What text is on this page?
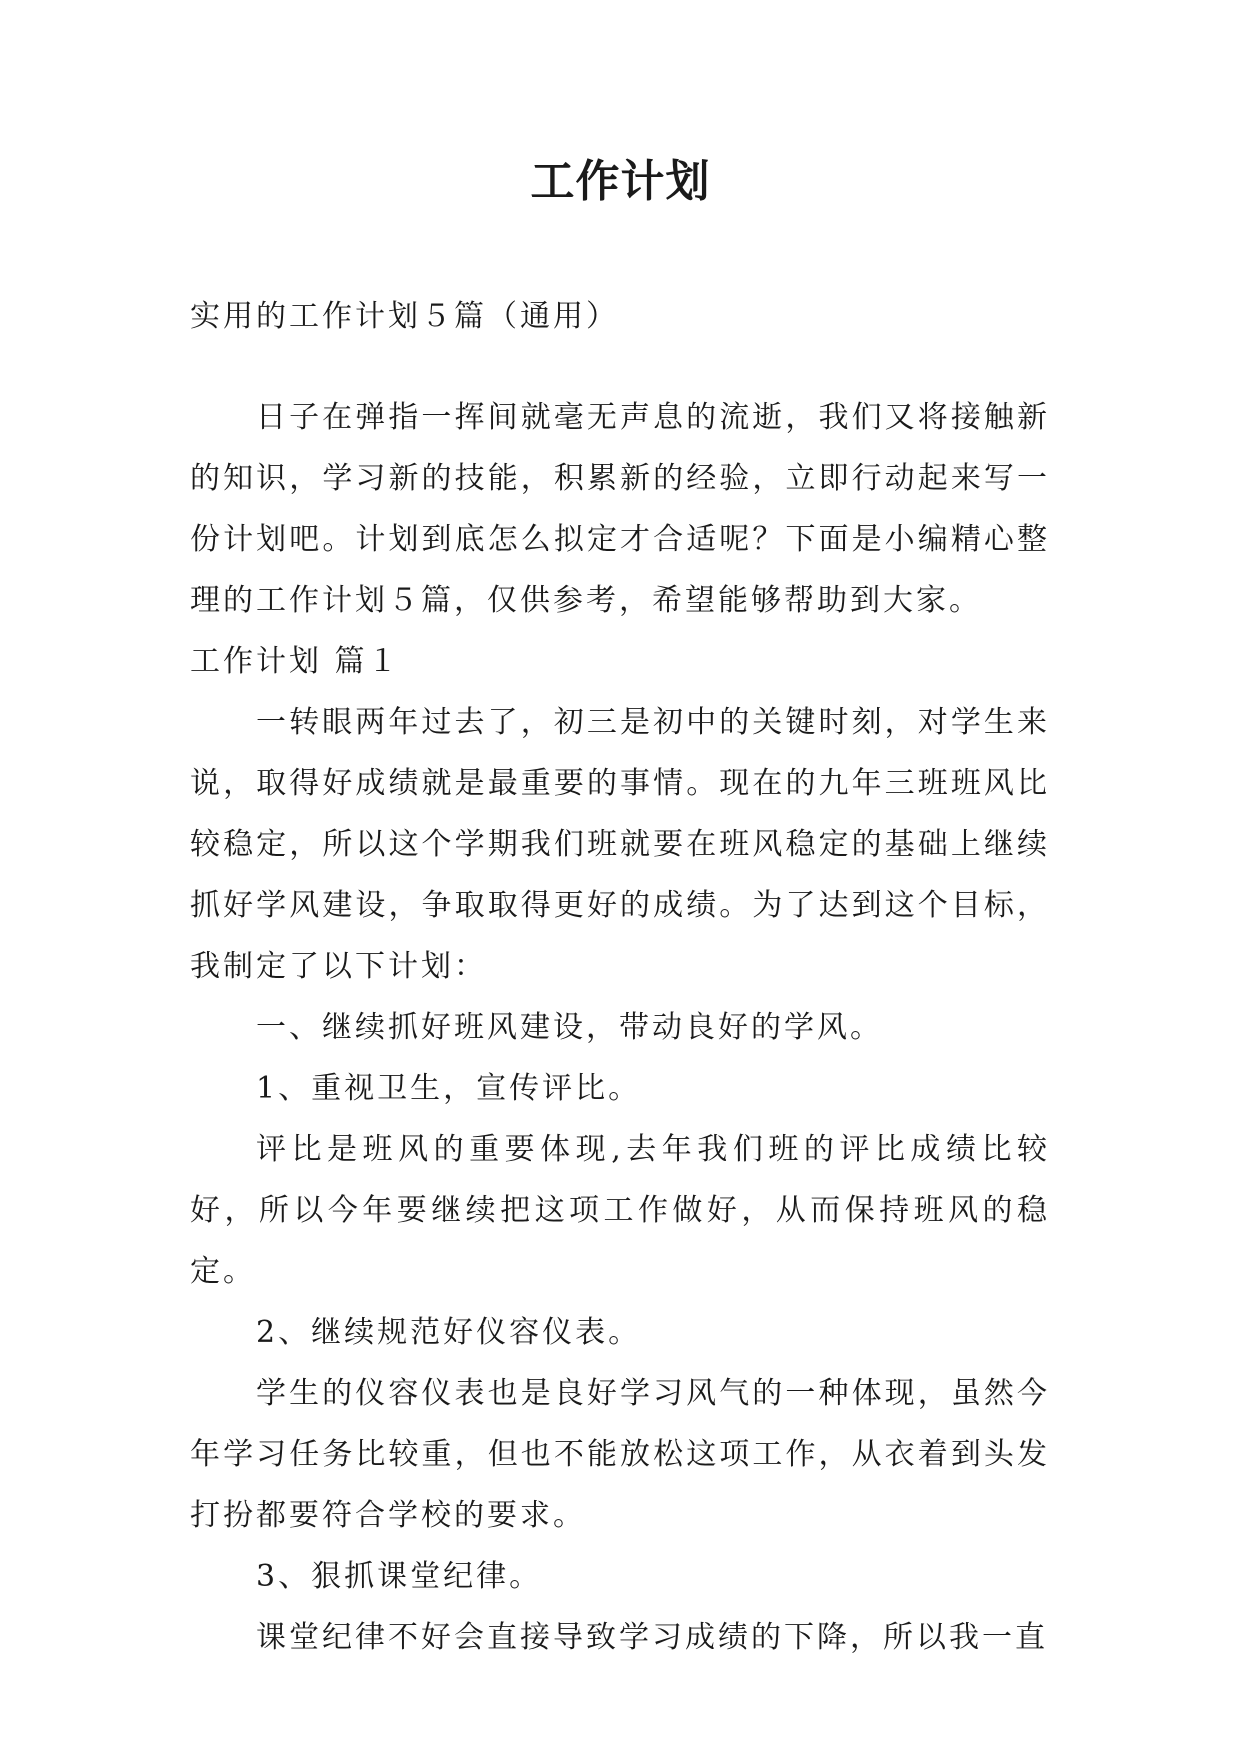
工作计划

实用的工作计划５篇（通用）

日子在弹指一挥间就毫无声息的流逝，我们又将接触新的知识，学习新的技能，积累新的经验，立即行动起来写一份计划吧。计划到底怎么拟定才合适呢？下面是小编精心整理的工作计划５篇，仅供参考，希望能够帮助到大家。

工作计划 篇１

一转眼两年过去了，初三是初中的关键时刻，对学生来说，取得好成绩就是最重要的事情。现在的九年三班班风比较稳定，所以这个学期我们班就要在班风稳定的基础上继续抓好学风建设，争取取得更好的成绩。为了达到这个目标，我制定了以下计划：

一、继续抓好班风建设，带动良好的学风。

1、重视卫生，宣传评比。

评比是班风的重要体现,去年我们班的评比成绩比较好，所以今年要继续把这项工作做好，从而保持班风的稳定。

2、继续规范好仪容仪表。

学生的仪容仪表也是良好学习风气的一种体现，虽然今年学习任务比较重，但也不能放松这项工作，从衣着到头发打扮都要符合学校的要求。

3、狠抓课堂纪律。

课堂纪律不好会直接导致学习成绩的下降，所以我一直
